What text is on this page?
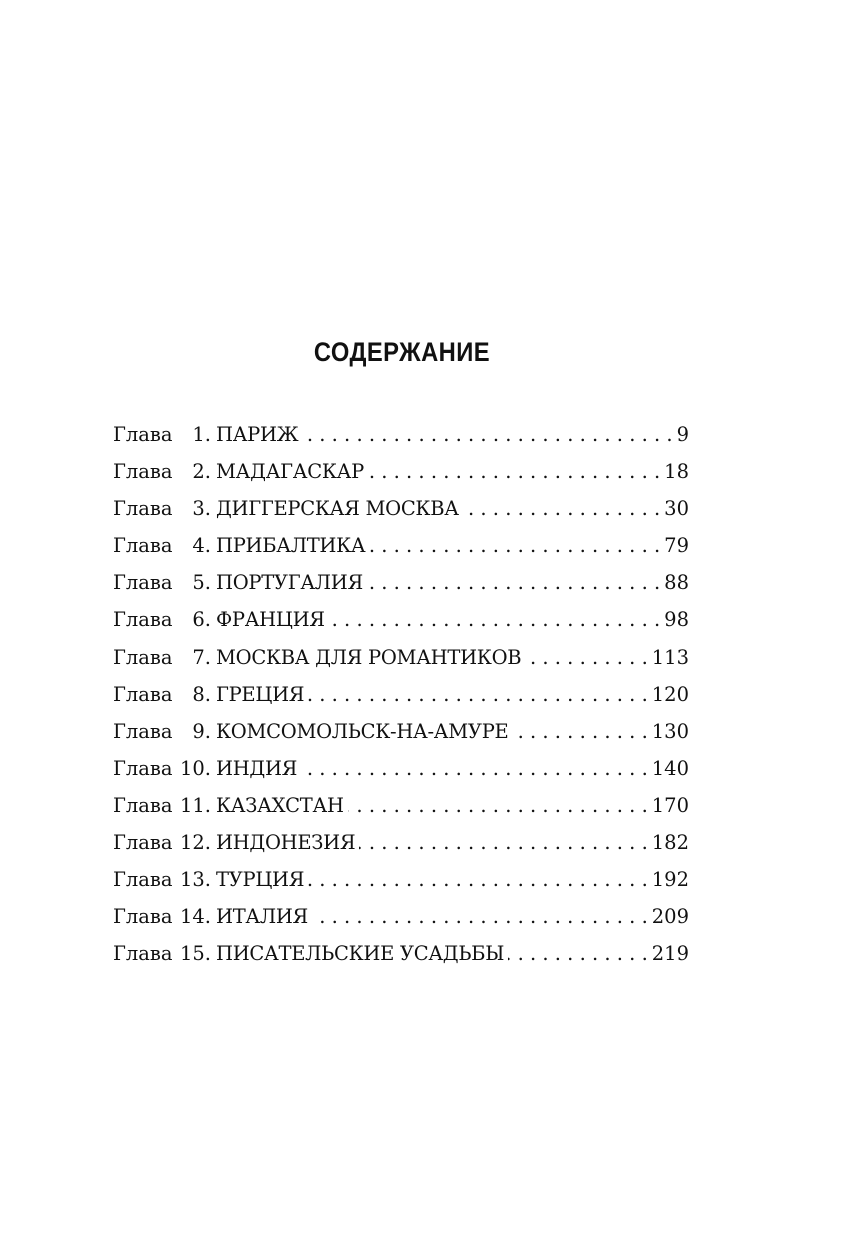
СОДЕРЖАНИЕ
Глава	1. ПАРИЖ . . .	9
Глава	2. МАДАГАСКАР . . .	18
Глава	3. ДИГГЕРСКАЯ МОСКВА . . .	30
Глава	4. ПРИБАЛТИКА . . .	79
Глава	5. ПОРТУГАЛИЯ . . .	88
Глава	6. ФРАНЦИЯ . . .	98
Глава	7. МОСКВА ДЛЯ РОМАНТИКОВ . . .	113
Глава	8. ГРЕЦИЯ . . .	120
Глава	9. КОМСОМОЛЬСК-НА-АМУРЕ . . .	130
Глава 10. ИНДИЯ . . .	140
Глава 11. КАЗАХСТАН . . .	170
Глава 12. ИНДОНЕЗИЯ . . .	182
Глава 13. ТУРЦИЯ . . .	192
Глава 14. ИТАЛИЯ . . .	209
Глава 15. ПИСАТЕЛЬСКИЕ УСАДЬБЫ . . .	219
